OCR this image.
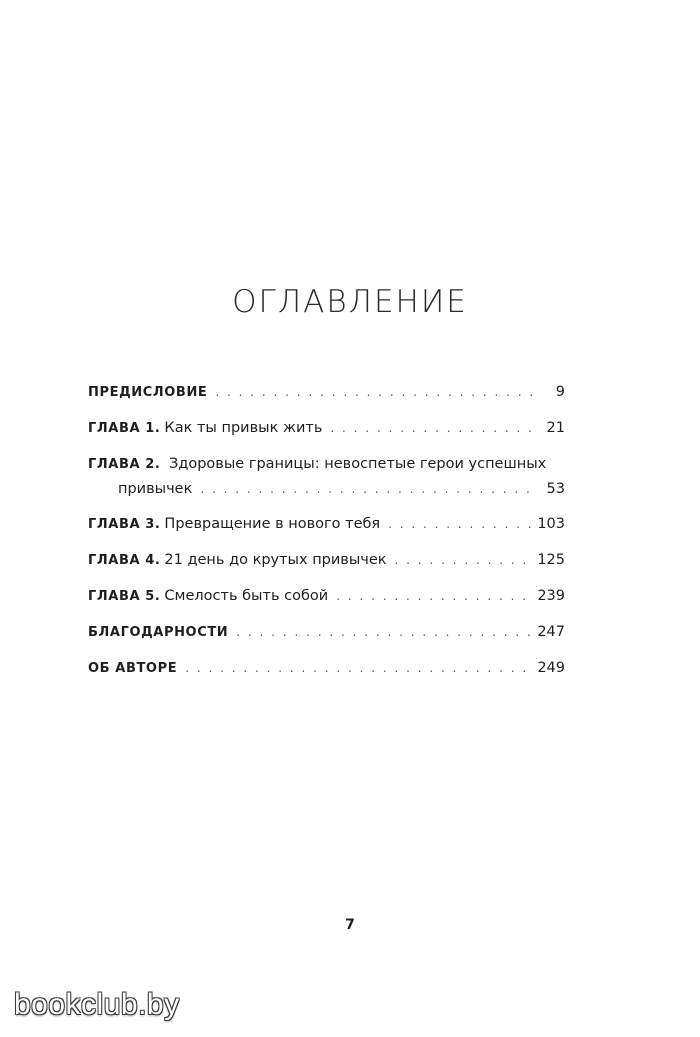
ОГЛАВЛЕНИЕ
ПРЕДИСЛОВИЕ . . .	9
ГЛАВА 1. Как ты привык жить . . .	21
ГЛАВА 2. Здоровые границы: невоспетые герои успешных
привычек . . .	53
ГЛАВА 3. Превращение в нового тебя . . .	103
ГЛАВА 4. 21 день до крутых привычек . . .	125
ГЛАВА 5. Смелость быть собой . . .	239
БЛАГОДАРНОСТИ . . .	247
ОБ АВТОРЕ . . .	249
7
bookclub.by
